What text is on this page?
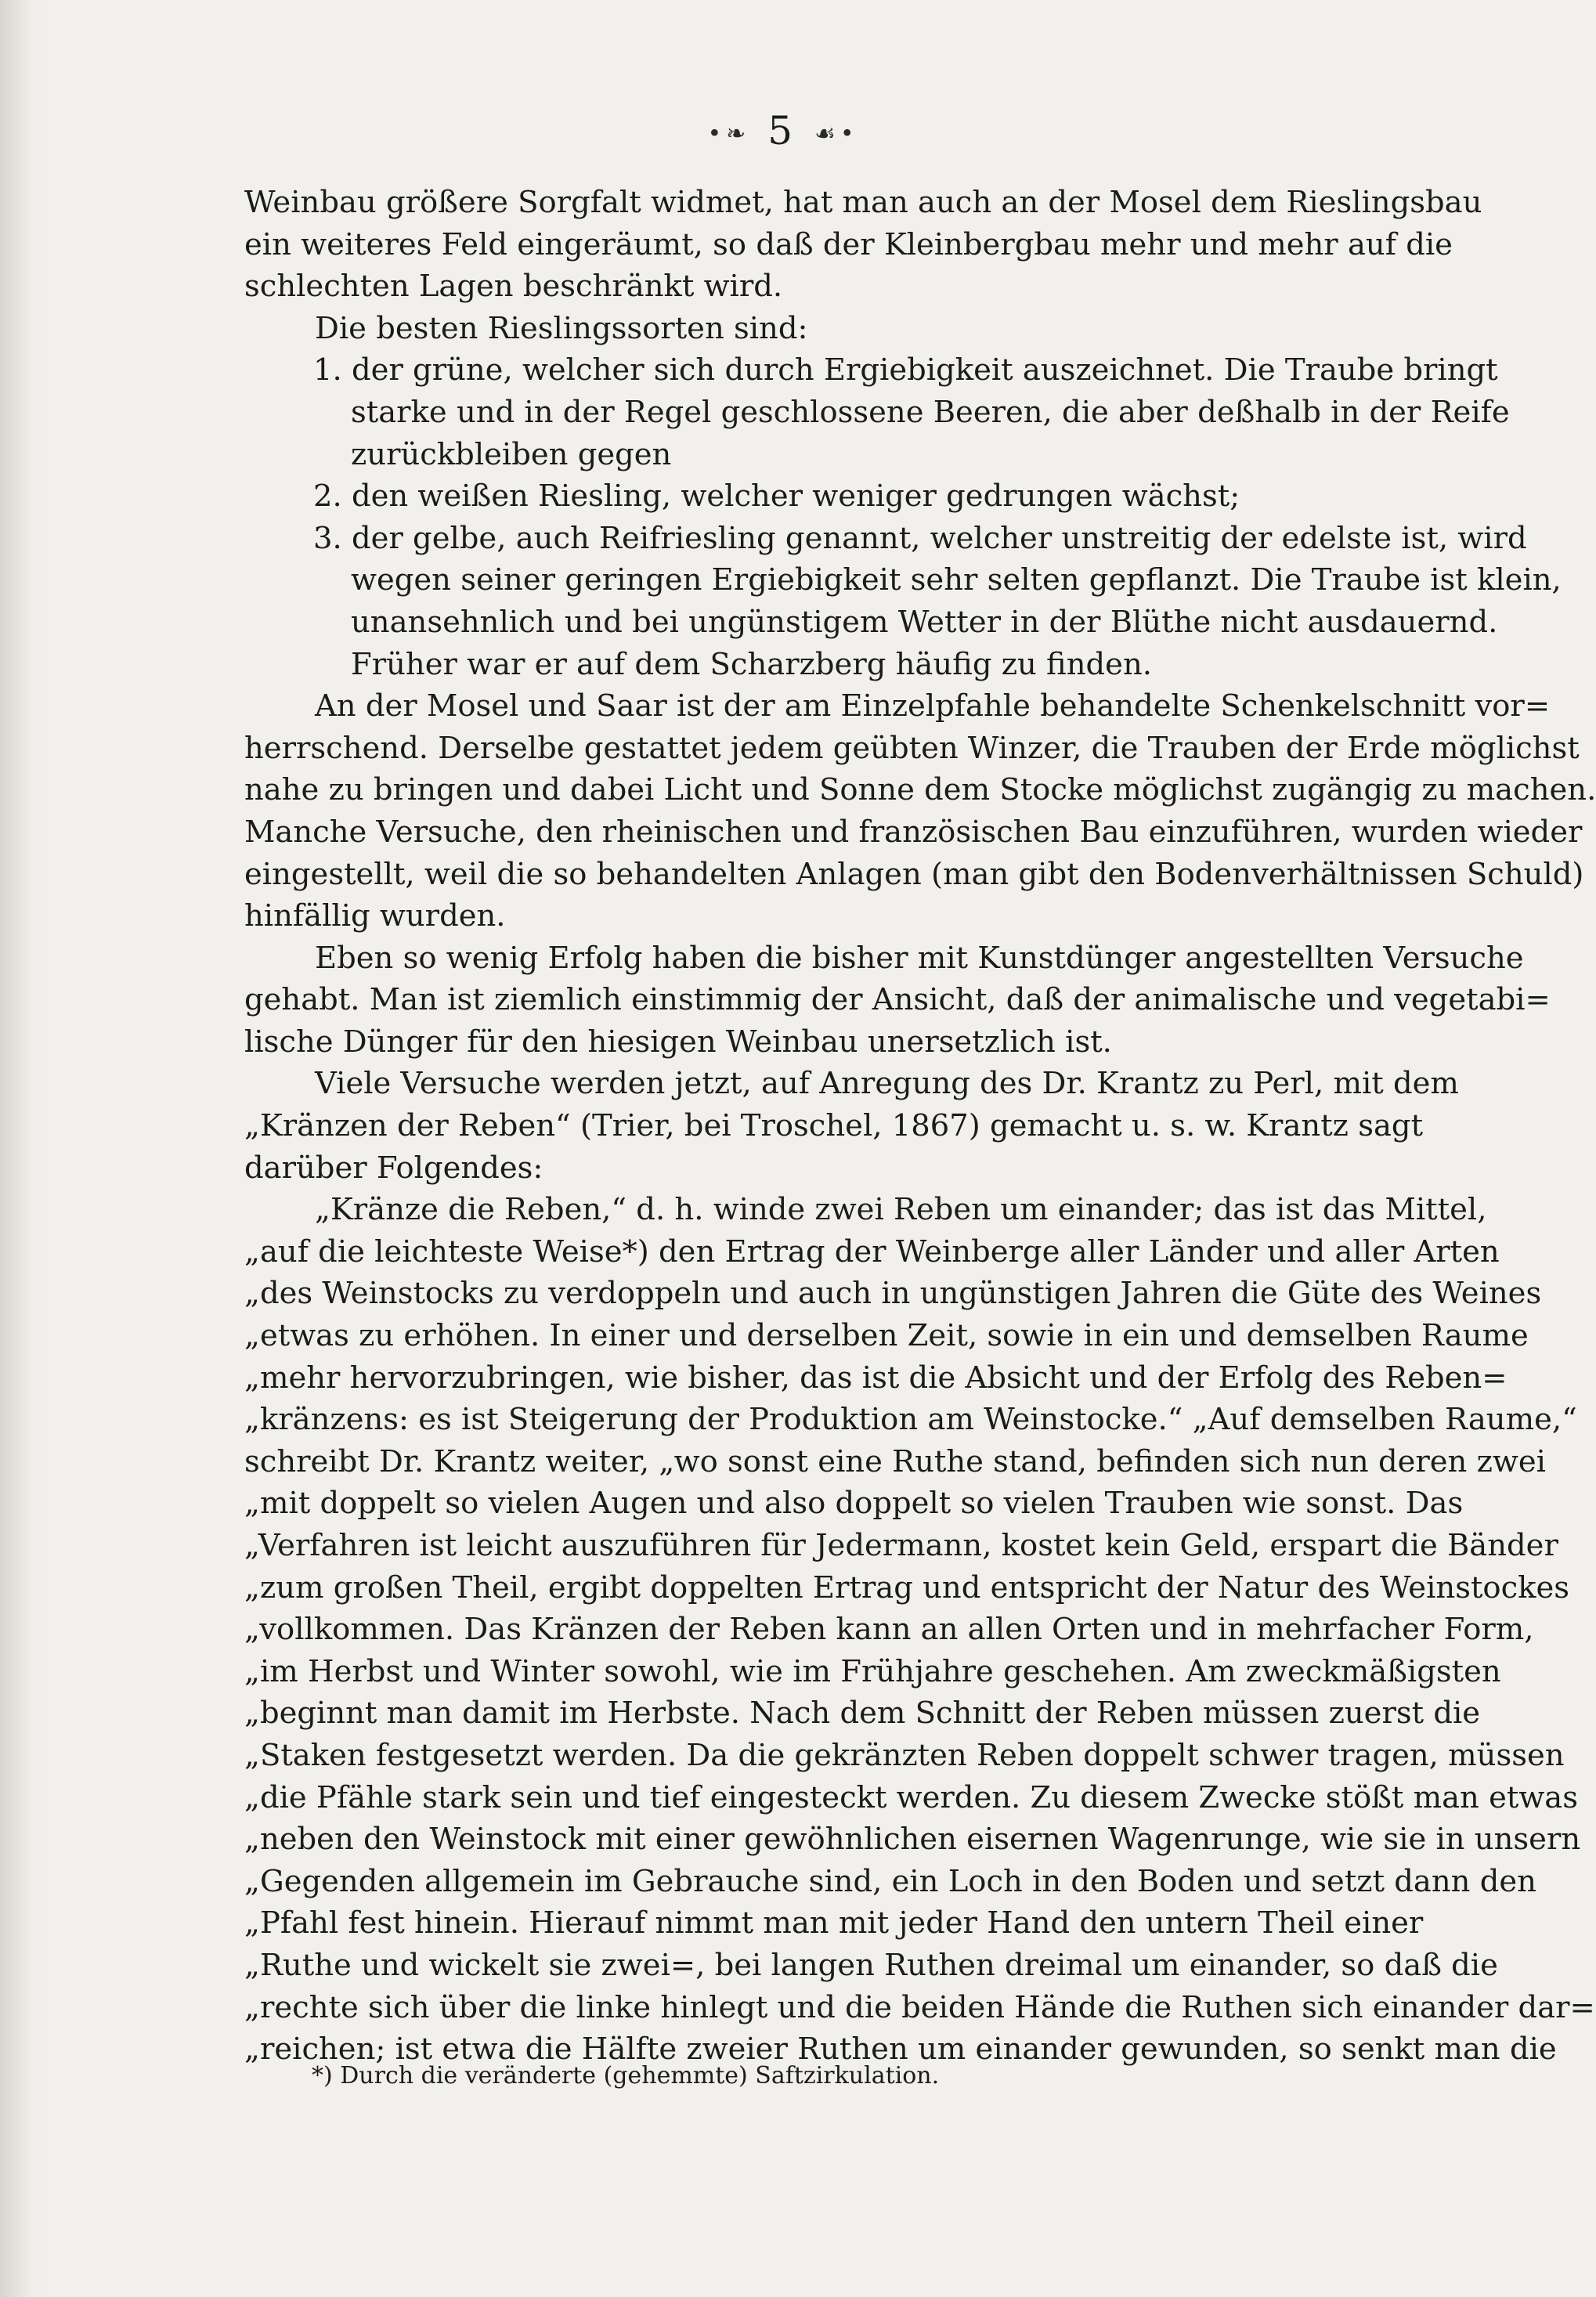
•❧ 5 ☙•
Weinbau größere Sorgfalt widmet, hat man auch an der Mosel dem Rieslingsbau
ein weiteres Feld eingeräumt, so daß der Kleinbergbau mehr und mehr auf die
schlechten Lagen beschränkt wird.
Die besten Rieslingssorten sind:
1. der grüne, welcher sich durch Ergiebigkeit auszeichnet. Die Traube bringt
starke und in der Regel geschlossene Beeren, die aber deßhalb in der Reife
zurückbleiben gegen
2. den weißen Riesling, welcher weniger gedrungen wächst;
3. der gelbe, auch Reifriesling genannt, welcher unstreitig der edelste ist, wird
wegen seiner geringen Ergiebigkeit sehr selten gepflanzt. Die Traube ist klein,
unansehnlich und bei ungünstigem Wetter in der Blüthe nicht ausdauernd.
Früher war er auf dem Scharzberg häufig zu finden.
An der Mosel und Saar ist der am Einzelpfahle behandelte Schenkelschnitt vor=
herrschend. Derselbe gestattet jedem geübten Winzer, die Trauben der Erde möglichst
nahe zu bringen und dabei Licht und Sonne dem Stocke möglichst zugängig zu machen.
Manche Versuche, den rheinischen und französischen Bau einzuführen, wurden wieder
eingestellt, weil die so behandelten Anlagen (man gibt den Bodenverhältnissen Schuld)
hinfällig wurden.
Eben so wenig Erfolg haben die bisher mit Kunstdünger angestellten Versuche
gehabt. Man ist ziemlich einstimmig der Ansicht, daß der animalische und vegetabi=
lische Dünger für den hiesigen Weinbau unersetzlich ist.
Viele Versuche werden jetzt, auf Anregung des Dr. Krantz zu Perl, mit dem
„Kränzen der Reben“ (Trier, bei Troschel, 1867) gemacht u. s. w. Krantz sagt
darüber Folgendes:
„Kränze die Reben,“ d. h. winde zwei Reben um einander; das ist das Mittel,
„auf die leichteste Weise*) den Ertrag der Weinberge aller Länder und aller Arten
„des Weinstocks zu verdoppeln und auch in ungünstigen Jahren die Güte des Weines
„etwas zu erhöhen. In einer und derselben Zeit, sowie in ein und demselben Raume
„mehr hervorzubringen, wie bisher, das ist die Absicht und der Erfolg des Reben=
„kränzens: es ist Steigerung der Produktion am Weinstocke.“ „Auf demselben Raume,“
schreibt Dr. Krantz weiter, „wo sonst eine Ruthe stand, befinden sich nun deren zwei
„mit doppelt so vielen Augen und also doppelt so vielen Trauben wie sonst. Das
„Verfahren ist leicht auszuführen für Jedermann, kostet kein Geld, erspart die Bänder
„zum großen Theil, ergibt doppelten Ertrag und entspricht der Natur des Weinstockes
„vollkommen. Das Kränzen der Reben kann an allen Orten und in mehrfacher Form,
„im Herbst und Winter sowohl, wie im Frühjahre geschehen. Am zweckmäßigsten
„beginnt man damit im Herbste. Nach dem Schnitt der Reben müssen zuerst die
„Staken festgesetzt werden. Da die gekränzten Reben doppelt schwer tragen, müssen
„die Pfähle stark sein und tief eingesteckt werden. Zu diesem Zwecke stößt man etwas
„neben den Weinstock mit einer gewöhnlichen eisernen Wagenrunge, wie sie in unsern
„Gegenden allgemein im Gebrauche sind, ein Loch in den Boden und setzt dann den
„Pfahl fest hinein. Hierauf nimmt man mit jeder Hand den untern Theil einer
„Ruthe und wickelt sie zwei=, bei langen Ruthen dreimal um einander, so daß die
„rechte sich über die linke hinlegt und die beiden Hände die Ruthen sich einander dar=
„reichen; ist etwa die Hälfte zweier Ruthen um einander gewunden, so senkt man die
*) Durch die veränderte (gehemmte) Saftzirkulation.
